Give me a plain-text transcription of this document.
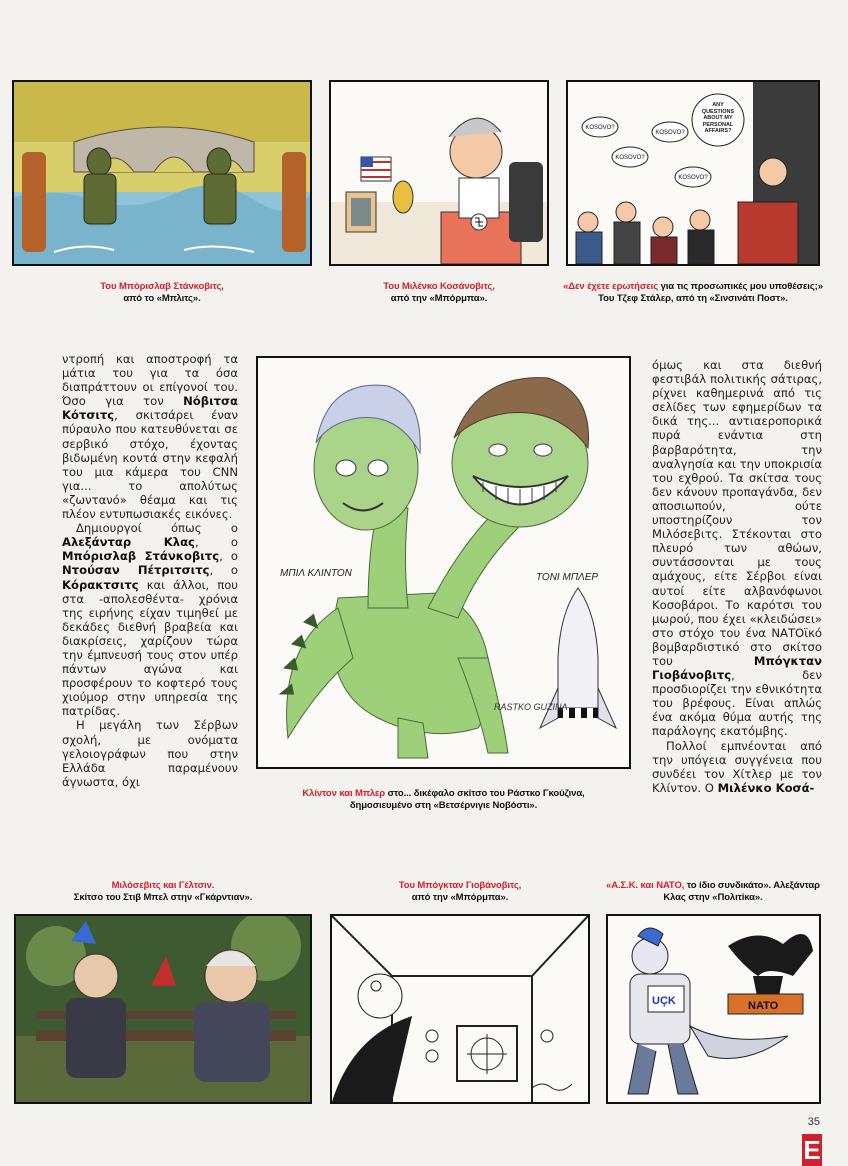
KOSOVO?
KOSOVO?
KOSOVO?
KOSOVO?
ANY QUESTIONS ABOUT MY PERSONAL AFFAIRS?
Του Μπόρισλαβ Στάνκοβιτς,
από το «Μπλιτς».
Του Μιλένκο Κοσάνοβιτς,
από την «Μπόρμπα».
«Δεν έχετε ερωτήσεις για τις προσωπικές μου υποθέσεις;»
Του Τζεφ Στάλερ, από τη «Σινσινάτι Ποστ».

ντροπή και αποστροφή τα μάτια του για τα όσα διαπράττουν οι επίγονοί του. Όσο για τον Νόβιτσα Κότσιτς, σκιτσάρει έναν πύραυλο που κατευθύνεται σε σερβικό στόχο, έχοντας βιδωμένη κοντά στην κεφαλή του μια κάμερα του CNN για... το απολύτως «ζωντανό» θέαμα και τις πλέον εντυπωσιακές εικόνες.

Δημιουργοί όπως ο Αλεξάνταρ Κλας, ο Μπόρισλαβ Στάνκοβιτς, ο Ντούσαν Πέτριτσιτς, ο Κόρακτσιτς και άλλοι, που στα -απολεσθέντα- χρόνια της ειρήνης είχαν τιμηθεί με δεκάδες διεθνή βραβεία και διακρίσεις, χαρίζουν τώρα την έμπνευσή τους στον υπέρ πάντων αγώνα και προσφέρουν το κοφτερό τους χιούμορ στην υπηρεσία της πατρίδας.

Η μεγάλη των Σέρβων σχολή, με ονόματα γελοιογράφων που στην Ελλάδα παραμένουν άγνωστα, όχι

ΜΠΙΛ ΚΛΙΝΤΟΝ	ΤΟΝΙ ΜΠΛΕΡ
RASTKO GUZINA
Κλίντον και Μπλερ στο... δικέφαλο σκίτσο του Ράστκο Γκούζινα,
δημοσιευμένο στη «Βετσέρνιγιε Νοβόστι».

όμως και στα διεθνή φεστιβάλ πολιτικής σάτιρας, ρίχνει καθημερινά από τις σελίδες των εφημερίδων τα δικά της... αντιαεροπορικά πυρά ενάντια στη βαρβαρότητα, την αναλγησία και την υποκρισία του εχθρού. Τα σκίτσα τους δεν κάνουν προπαγάνδα, δεν αποσιωπούν, ούτε υποστηρίζουν τον Μιλόσεβιτς. Στέκονται στο πλευρό των αθώων, συντάσσονται με τους αμάχους, είτε Σέρβοι είναι αυτοί είτε αλβανόφωνοι Κοσοβάροι. Το καρότσι του μωρού, που έχει «κλειδώσει» στο στόχο του ένα ΝΑΤΟϊκό βομβαρδιστικό στο σκίτσο του Μπόγκταν Γιοβάνοβιτς, δεν προσδιορίζει την εθνικότητα του βρέφους. Είναι απλώς ένα ακόμα θύμα αυτής της παράλογης εκατόμβης.

Πολλοί εμπνέονται από την υπόγεια συγγένεια που συνδέει τον Χίτλερ με τον Κλίντον. Ο Μιλένκο Κοσά-

Μιλόσεβιτς και Γέλτσιν.
Σκίτσο του Στιβ Μπελ στην «Γκάρντιαν».
Του Μπόγκταν Γιοβάνοβιτς,
από την «Μπόρμπα».
«Α.Σ.Κ. και ΝΑΤΟ, το ίδιο συνδικάτο». Αλεξάνταρ
Κλας στην «Πολιτίκα».
NATO
UÇK
35
E
